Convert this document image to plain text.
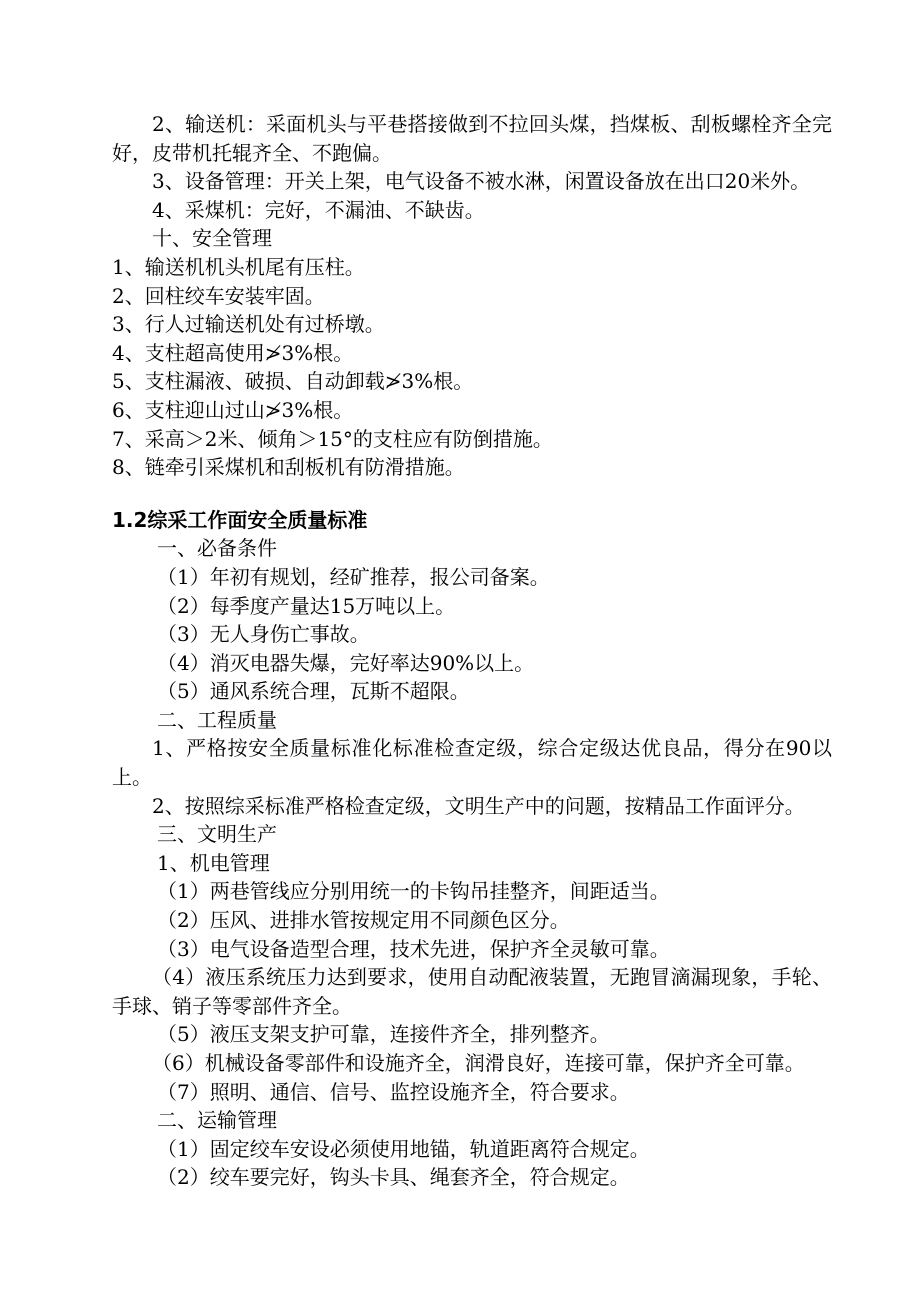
2、输送机：采面机头与平巷搭接做到不拉回头煤，挡煤板、刮板螺栓齐全完好，皮带机托辊齐全、不跑偏。

3、设备管理：开关上架，电气设备不被水淋，闲置设备放在出口20米外。

4、采煤机：完好，不漏油、不缺齿。

十、安全管理

1、输送机机头机尾有压柱。

2、回柱绞车安装牢固。

3、行人过输送机处有过桥墩。

4、支柱超高使用≯3%根。

5、支柱漏液、破损、自动卸载≯3%根。

6、支柱迎山过山≯3%根。

7、采高＞2米、倾角＞15°的支柱应有防倒措施。

8、链牵引采煤机和刮板机有防滑措施。

1.2综采工作面安全质量标准

一、必备条件

（1）年初有规划，经矿推荐，报公司备案。

（2）每季度产量达15万吨以上。

（3）无人身伤亡事故。

（4）消灭电器失爆，完好率达90%以上。

（5）通风系统合理，瓦斯不超限。

二、工程质量

1、严格按安全质量标准化标准检查定级，综合定级达优良品，得分在90以上。

2、按照综采标准严格检查定级，文明生产中的问题，按精品工作面评分。

三、文明生产

1、机电管理

（1）两巷管线应分别用统一的卡钩吊挂整齐，间距适当。

（2）压风、进排水管按规定用不同颜色区分。

（3）电气设备造型合理，技术先进，保护齐全灵敏可靠。

（4）液压系统压力达到要求，使用自动配液装置，无跑冒滴漏现象，手轮、手球、销子等零部件齐全。

（5）液压支架支护可靠，连接件齐全，排列整齐。

（6）机械设备零部件和设施齐全，润滑良好，连接可靠，保护齐全可靠。

（7）照明、通信、信号、监控设施齐全，符合要求。

二、运输管理

（1）固定绞车安设必须使用地锚，轨道距离符合规定。

（2）绞车要完好，钩头卡具、绳套齐全，符合规定。
